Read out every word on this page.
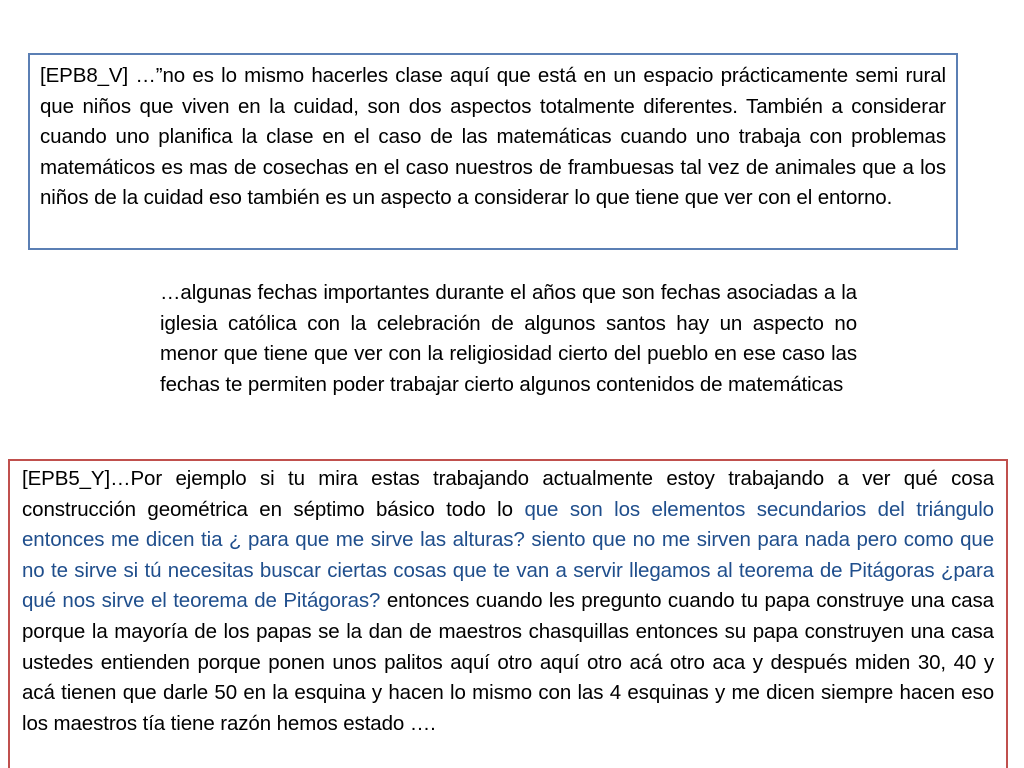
[EPB8_V] …”no es lo mismo hacerles clase aquí que está en un espacio prácticamente semi rural que niños que viven en la cuidad, son dos aspectos totalmente diferentes. También a considerar cuando uno planifica la clase en el caso de las matemáticas cuando uno trabaja con problemas matemáticos es mas de cosechas en el caso nuestros de frambuesas tal vez de animales que a los niños de la cuidad eso también es un aspecto a considerar lo que tiene que ver con el entorno.

…algunas fechas importantes durante el años que son fechas asociadas a la iglesia católica con la celebración de algunos santos hay un aspecto no menor que tiene que ver con la religiosidad cierto del pueblo en ese caso las fechas te permiten poder trabajar cierto algunos contenidos de matemáticas

[EPB5_Y]…Por ejemplo si tu mira estas trabajando actualmente estoy trabajando a ver qué cosa construcción geométrica en séptimo básico todo lo que son los elementos secundarios del triángulo entonces me dicen tia ¿ para que me sirve las alturas? siento que no me sirven para nada pero como que no te sirve si tú necesitas buscar ciertas cosas que te van a servir llegamos al teorema de Pitágoras ¿para qué nos sirve el teorema de Pitágoras? entonces cuando les pregunto cuando tu papa construye una casa porque la mayoría de los papas se la dan de maestros chasquillas entonces su papa construyen una casa ustedes entienden porque ponen unos palitos aquí otro aquí otro acá otro aca y después miden 30, 40 y acá tienen que darle 50 en la esquina y hacen lo mismo con las 4 esquinas y me dicen siempre hacen eso los maestros tía tiene razón hemos estado ….
